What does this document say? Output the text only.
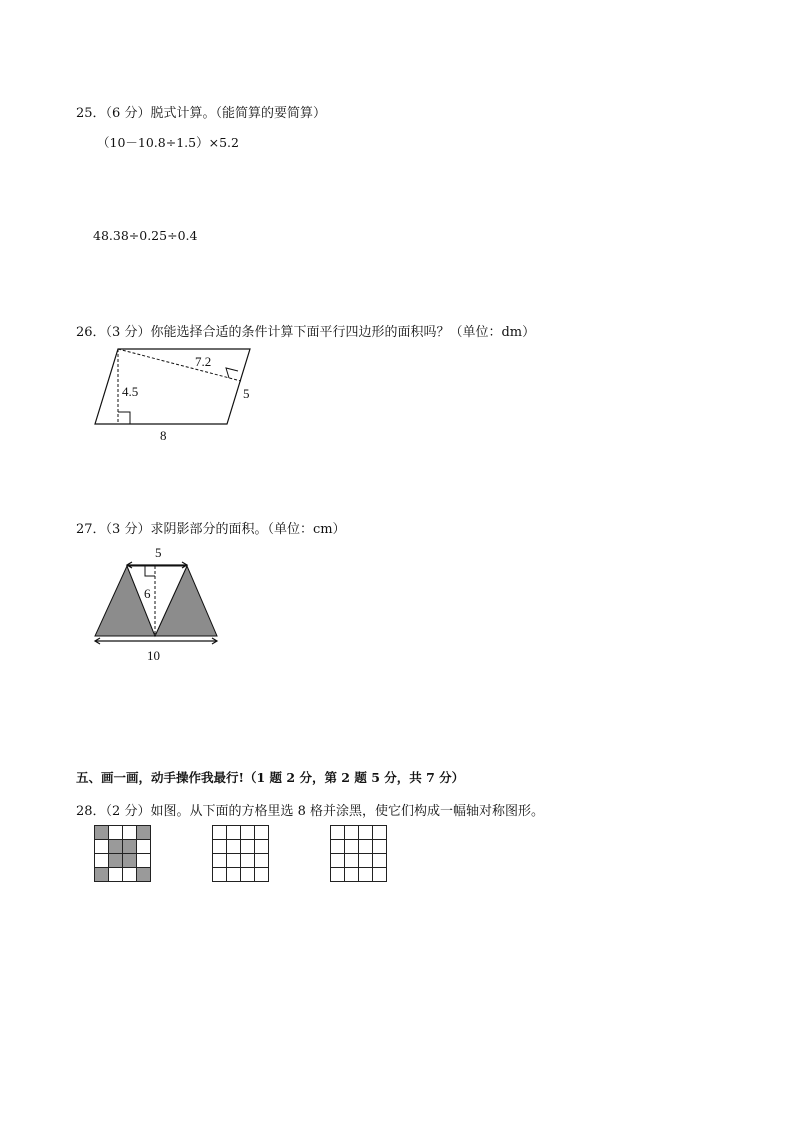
25．（6 分）脱式计算。（能简算的要简算）
（10－10.8÷1.5）×5.2
48.38÷0.25÷0.4
26．（3 分）你能选择合适的条件计算下面平行四边形的面积吗？（单位：dm）
7.2
4.5	5
8
27．（3 分）求阴影部分的面积。（单位：cm）
5
6
10
五、画一画，动手操作我最行!（1 题 2 分，第 2 题 5 分，共 7 分）
28．（2 分）如图。从下面的方格里选 8 格并涂黑，使它们构成一幅轴对称图形。
